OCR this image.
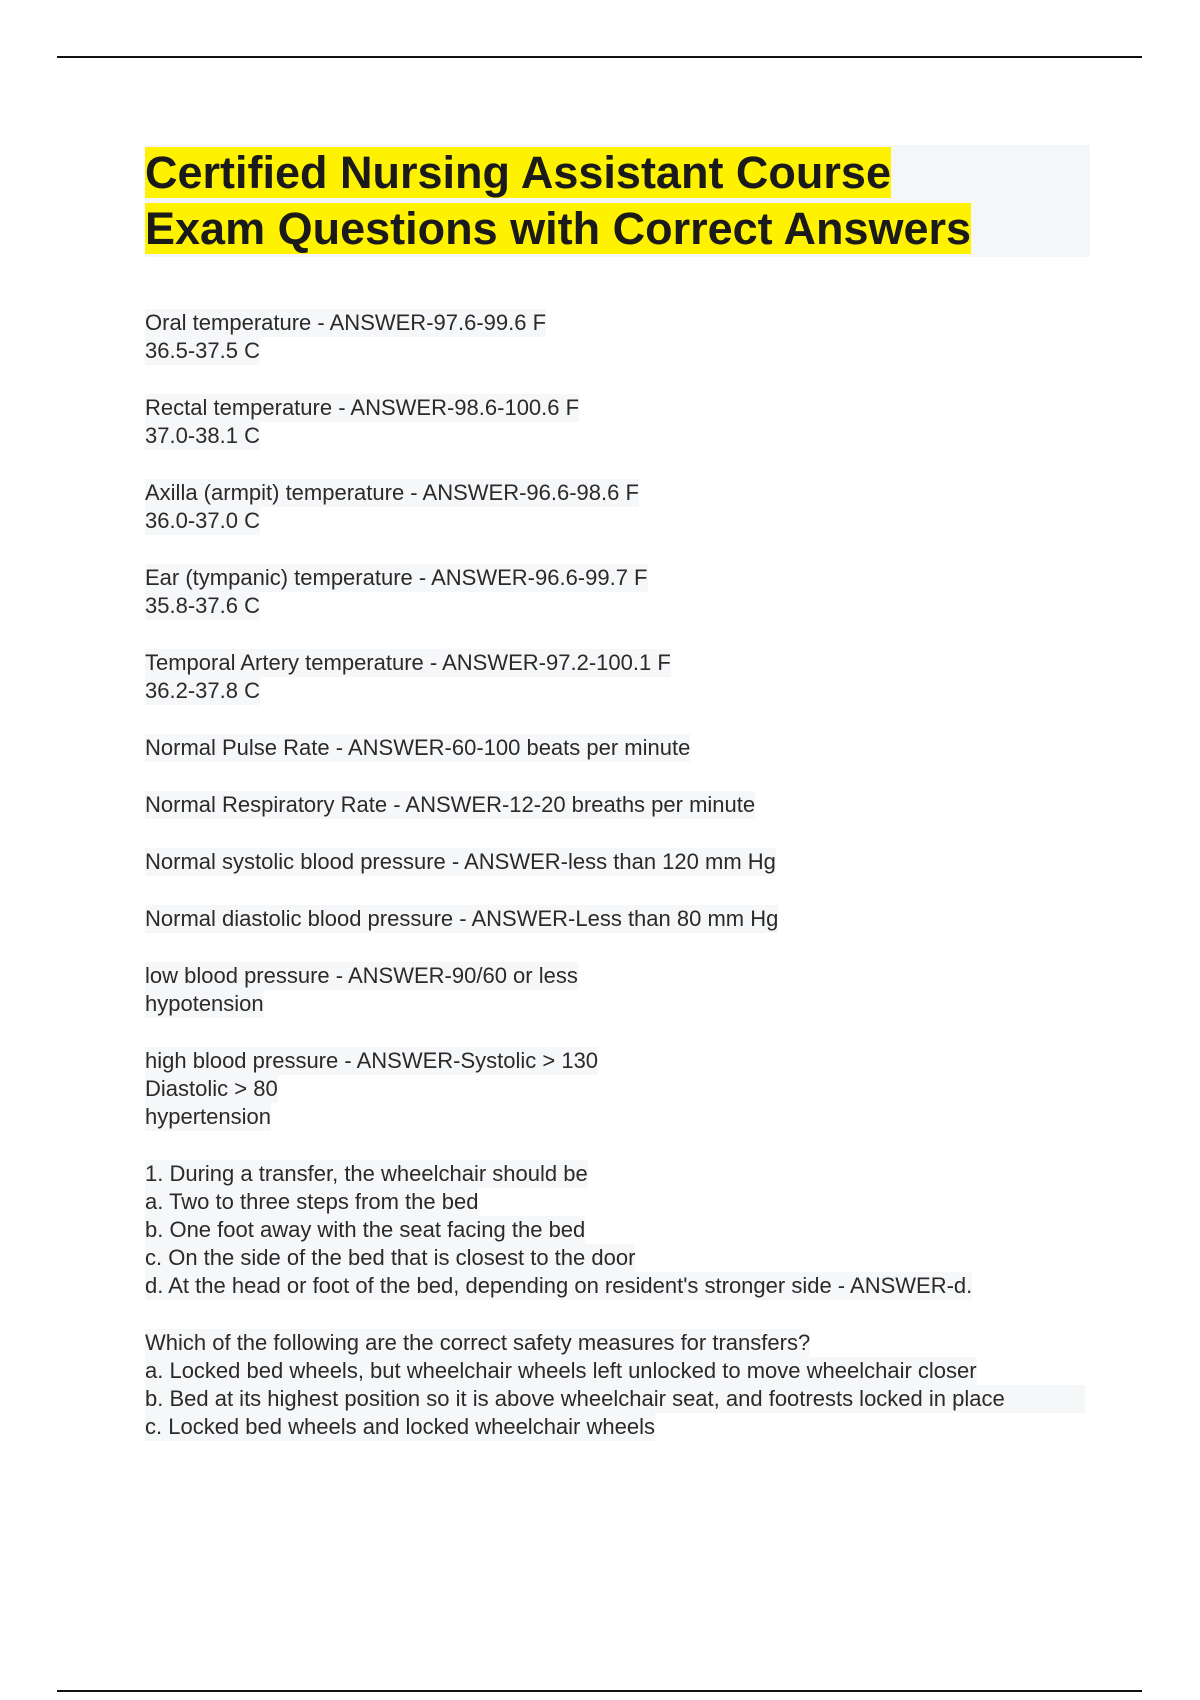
Certified Nursing Assistant Course
Exam Questions with Correct Answers
Oral temperature - ANSWER-97.6-99.6 F
36.5-37.5 C
Rectal temperature - ANSWER-98.6-100.6 F
37.0-38.1 C
Axilla (armpit) temperature - ANSWER-96.6-98.6 F
36.0-37.0 C
Ear (tympanic) temperature - ANSWER-96.6-99.7 F
35.8-37.6 C
Temporal Artery temperature - ANSWER-97.2-100.1 F
36.2-37.8 C
Normal Pulse Rate - ANSWER-60-100 beats per minute
Normal Respiratory Rate - ANSWER-12-20 breaths per minute
Normal systolic blood pressure - ANSWER-less than 120 mm Hg
Normal diastolic blood pressure - ANSWER-Less than 80 mm Hg
low blood pressure - ANSWER-90/60 or less
hypotension
high blood pressure - ANSWER-Systolic > 130
Diastolic > 80
hypertension
1. During a transfer, the wheelchair should be
a. Two to three steps from the bed
b. One foot away with the seat facing the bed
c. On the side of the bed that is closest to the door
d. At the head or foot of the bed, depending on resident's stronger side - ANSWER-d.
Which of the following are the correct safety measures for transfers?
a. Locked bed wheels, but wheelchair wheels left unlocked to move wheelchair closer
b. Bed at its highest position so it is above wheelchair seat, and footrests locked in place
c. Locked bed wheels and locked wheelchair wheels
